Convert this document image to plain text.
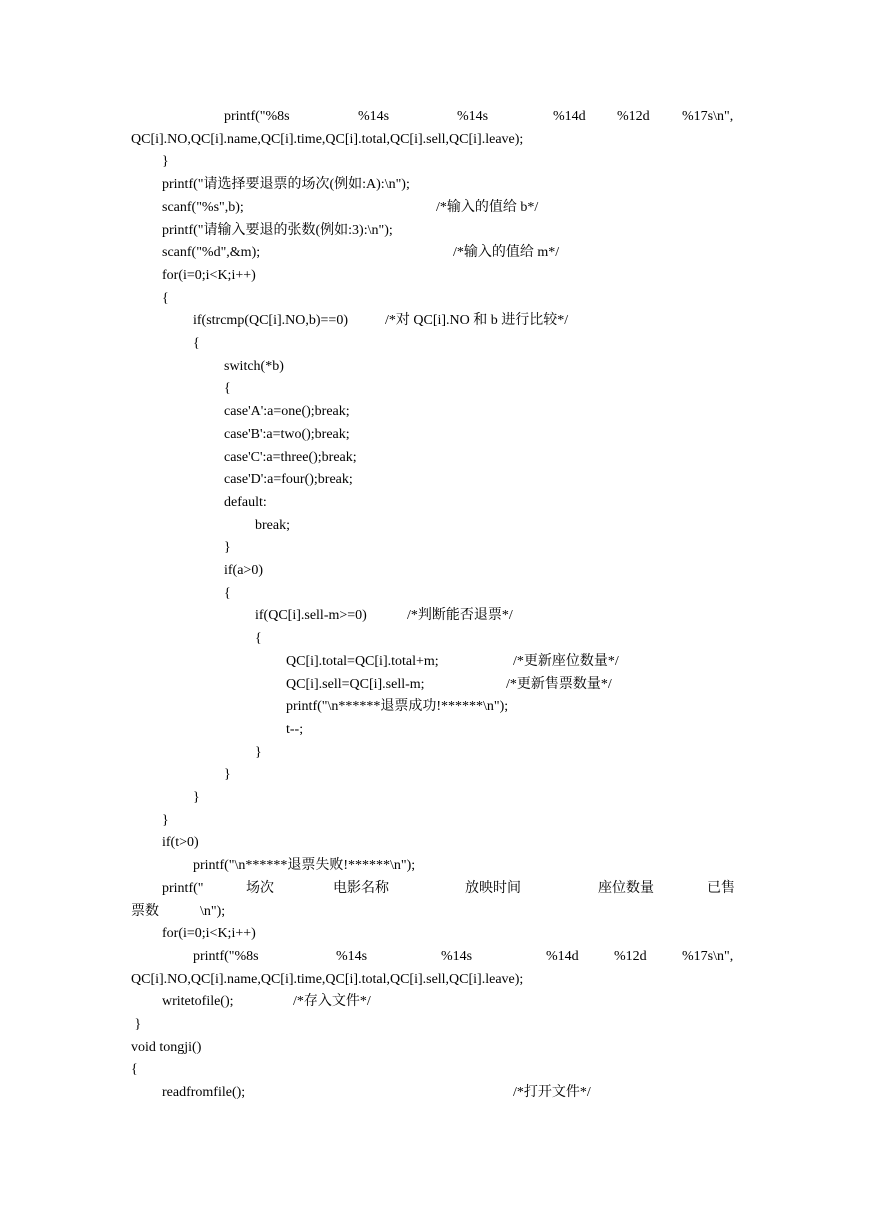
printf("%8s	%14s	%14s	%14d %12d %17s\n",
QC[i].NO,QC[i].name,QC[i].time,QC[i].total,QC[i].sell,QC[i].leave);
}
printf("请选择要退票的场次(例如:A):\n");
scanf("%s",b);	/*输入的值给 b*/
printf("请输入要退的张数(例如:3):\n");
scanf("%d",&m);	/*输入的值给 m*/
for(i=0;i<K;i++)
{
if(strcmp(QC[i].NO,b)==0)	/*对 QC[i].NO 和 b 进行比较*/
{
switch(*b)
{
case'A':a=one();break;
case'B':a=two();break;
case'C':a=three();break;
case'D':a=four();break;
default:
break;
}
if(a>0)
{
if(QC[i].sell-m>=0)	/*判断能否退票*/
{
QC[i].total=QC[i].total+m;	/*更新座位数量*/
QC[i].sell=QC[i].sell-m;	/*更新售票数量*/
printf("\n******退票成功!******\n");
t--;
}
}
}
}
if(t>0)
printf("\n******退票失败!******\n");
printf("	场次	电影名称	放映时间	座位数量	已售
票数	\n");
for(i=0;i<K;i++)
printf("%8s	%14s	%14s	%14d	%12d	%17s\n",
QC[i].NO,QC[i].name,QC[i].time,QC[i].total,QC[i].sell,QC[i].leave);
writetofile();	/*存入文件*/
}
void tongji()
{
readfromfile();	/*打开文件*/
